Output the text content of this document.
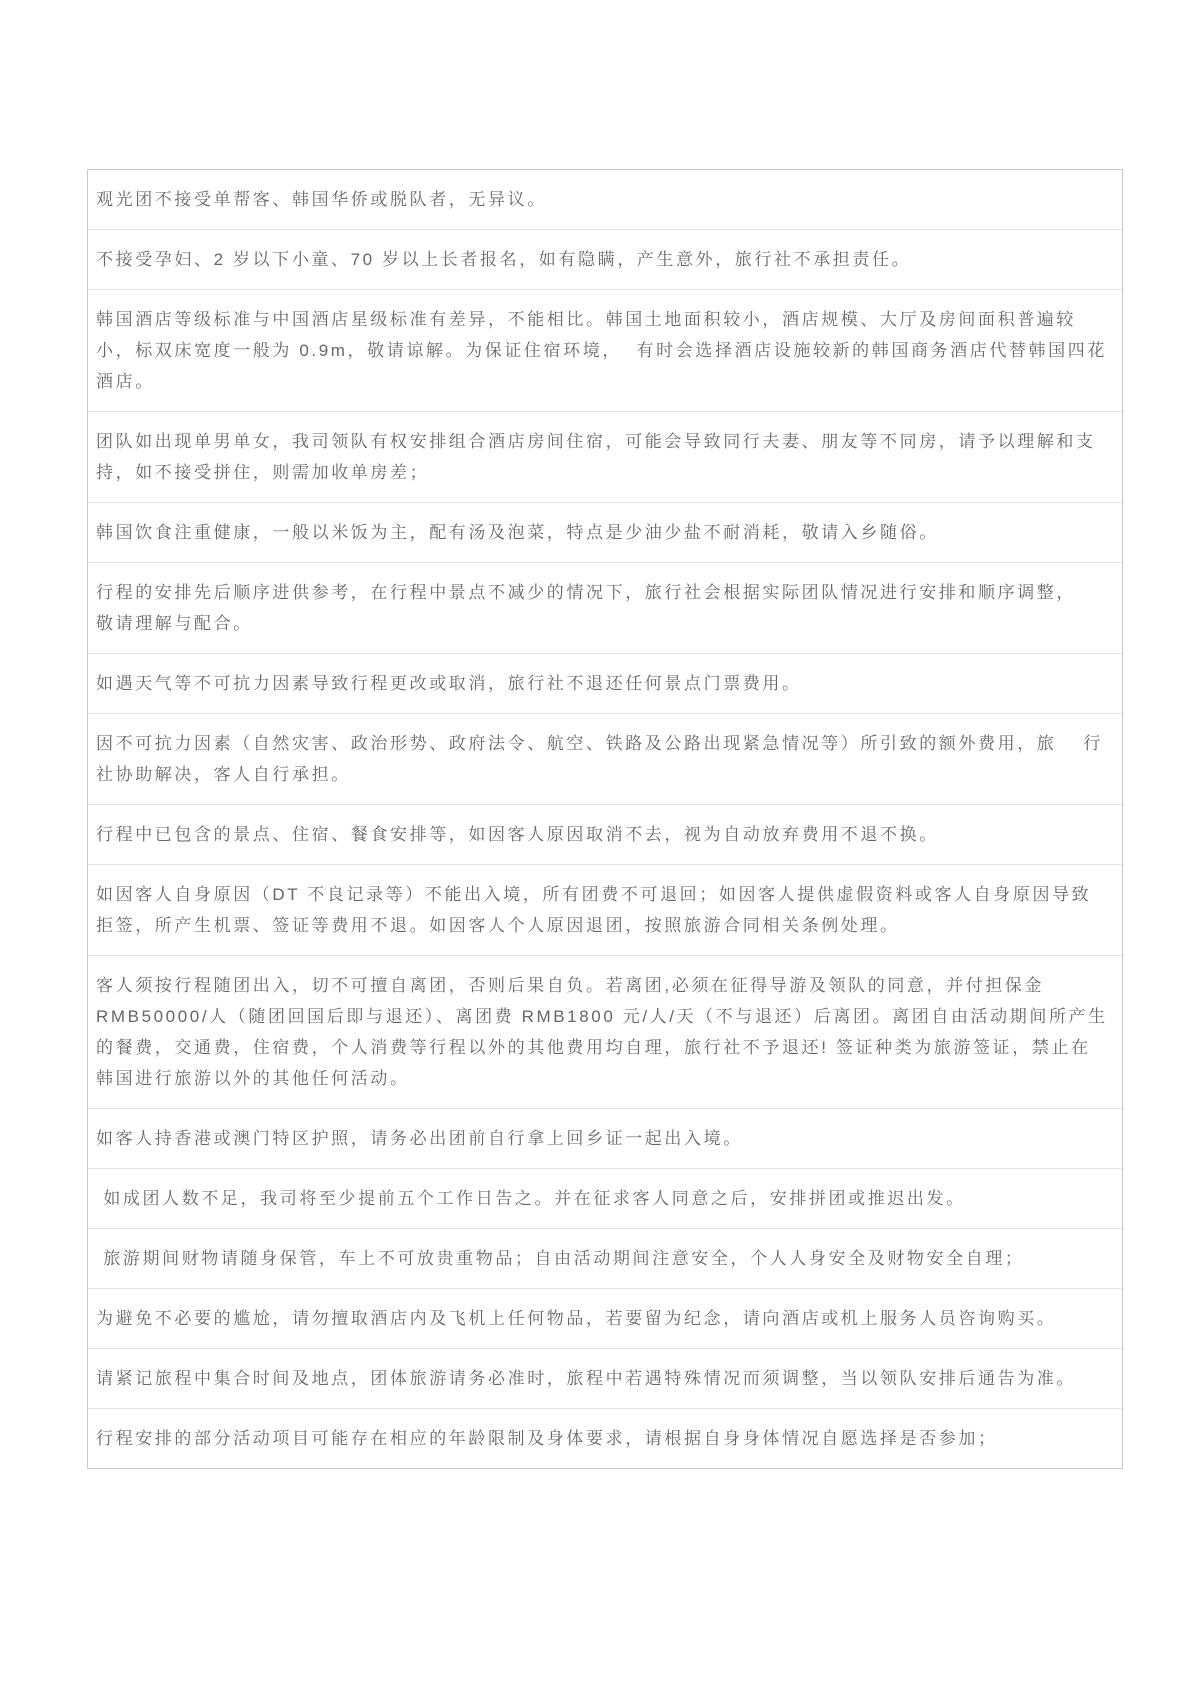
观光团不接受单帮客、韩国华侨或脱队者，无异议。
不接受孕妇、2 岁以下小童、70 岁以上长者报名，如有隐瞒，产生意外，旅行社不承担责任。
韩国酒店等级标准与中国酒店星级标准有差异，不能相比。韩国土地面积较小，酒店规模、大厅及房间面积普遍较小，标双床宽度一般为 0.9m，敬请谅解。为保证住宿环境，  有时会选择酒店设施较新的韩国商务酒店代替韩国四花酒店。
团队如出现单男单女，我司领队有权安排组合酒店房间住宿，可能会导致同行夫妻、朋友等不同房，请予以理解和支持，如不接受拼住，则需加收单房差；
韩国饮食注重健康，一般以米饭为主，配有汤及泡菜，特点是少油少盐不耐消耗，敬请入乡随俗。
行程的安排先后顺序进供参考，在行程中景点不减少的情况下，旅行社会根据实际团队情况进行安排和顺序调整，  敬请理解与配合。
如遇天气等不可抗力因素导致行程更改或取消，旅行社不退还任何景点门票费用。
因不可抗力因素（自然灾害、政治形势、政府法令、航空、铁路及公路出现紧急情况等）所引致的额外费用，旅　 行社协助解决，客人自行承担。
行程中已包含的景点、住宿、餐食安排等，如因客人原因取消不去，视为自动放弃费用不退不换。
如因客人自身原因（DT 不良记录等）不能出入境，所有团费不可退回；如因客人提供虚假资料或客人自身原因导致拒签，所产生机票、签证等费用不退。如因客人个人原因退团，按照旅游合同相关条例处理。
客人须按行程随团出入，切不可擅自离团，否则后果自负。若离团,必须在征得导游及领队的同意，并付担保金 RMB50000/人（随团回国后即与退还）、离团费 RMB1800 元/人/天（不与退还）后离团。离团自由活动期间所产生的餐费，交通费，住宿费，个人消费等行程以外的其他费用均自理，旅行社不予退还! 签证种类为旅游签证，禁止在韩国进行旅游以外的其他任何活动。
如客人持香港或澳门特区护照，请务必出团前自行拿上回乡证一起出入境。
如成团人数不足，我司将至少提前五个工作日告之。并在征求客人同意之后，安排拼团或推迟出发。
旅游期间财物请随身保管，车上不可放贵重物品；自由活动期间注意安全，个人人身安全及财物安全自理；
为避免不必要的尴尬，请勿擅取酒店内及飞机上任何物品，若要留为纪念，请向酒店或机上服务人员咨询购买。
请紧记旅程中集合时间及地点，团体旅游请务必准时，旅程中若遇特殊情况而须调整，当以领队安排后通告为准。
行程安排的部分活动项目可能存在相应的年龄限制及身体要求，请根据自身身体情况自愿选择是否参加；
